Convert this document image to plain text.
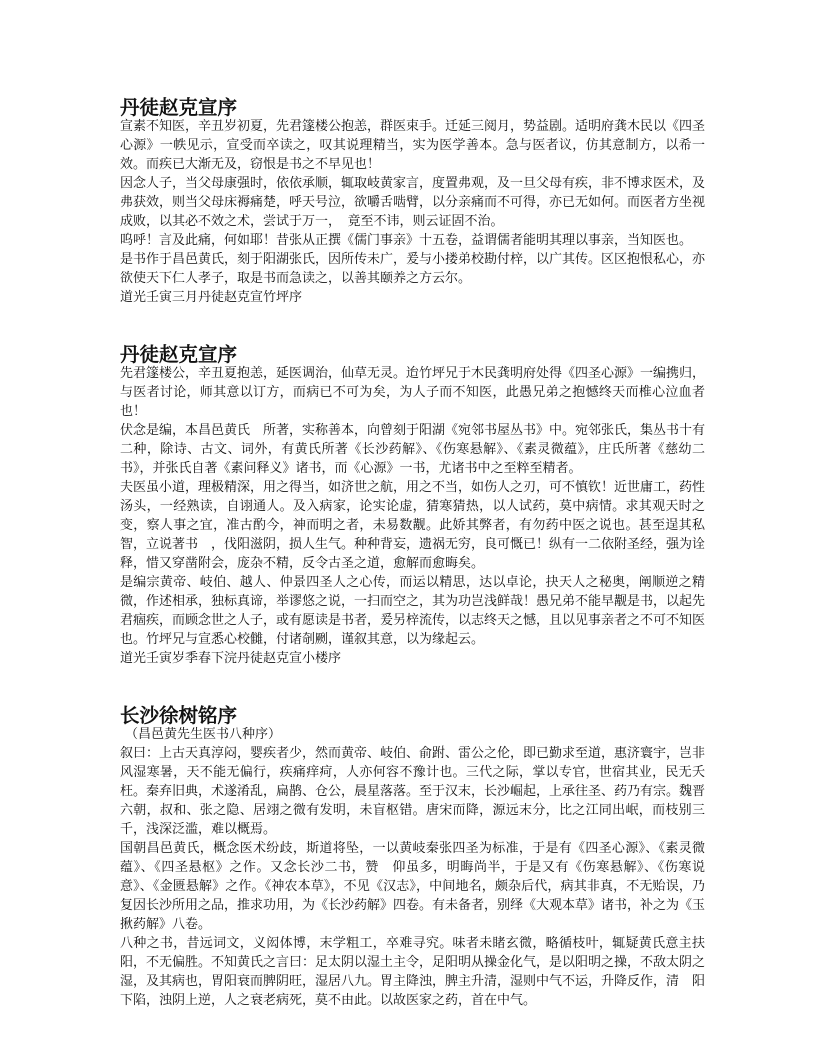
丹徒赵克宣序

宣素不知医，辛丑岁初夏，先君篴楼公抱恙，群医束手。迁延三阅月，势益剧。适明府龚木民以《四圣心源》一帙见示，宣受而卒读之，叹其说理精当，实为医学善本。急与医者议，仿其意制方，以希一效。而疾已大渐无及，窃恨是书之不早见也！

因念人子，当父母康强时，依依承顺，辄取岐黄家言，度置弗观，及一旦父母有疾，非不博求医术，及弗获效，则当父母床褥痛楚，呼天号泣，欲嚼舌啮臂，以分亲痛而不可得，亦已无如何。而医者方坐视成败，以其必不效之术，尝试于万一，　竟至不讳，则云证固不治。

呜呼！言及此痛，何如耶！昔张从正撰《儒门事亲》十五卷，益谓儒者能明其理以事亲，当知医也。

是书作于昌邑黄氏，刻于阳湖张氏，因所传未广，爰与小搂弟校勘付梓，以广其传。区区抱恨私心，亦欲使天下仁人孝子，取是书而急读之，以善其颐养之方云尔。

道光壬寅三月丹徒赵克宣竹坪序

丹徒赵克宣序

先君篴楼公，辛丑夏抱恙，延医调治，仙草无灵。迨竹坪兄于木民龚明府处得《四圣心源》一编携归，与医者讨论，师其意以订方，而病已不可为矣，为人子而不知医，此愚兄弟之抱憾终天而椎心泣血者也！

伏念是编，本昌邑黄氏　所著，实称善本，向曾刻于阳湖《宛邻书屋丛书》中。宛邻张氏，集丛书十有二种，除诗、古文、词外，有黄氏所著《长沙药解》、《伤寒悬解》、《素灵微蕴》，庄氏所著《慈幼二书》，并张氏自著《素问释义》诸书，而《心源》一书，尤诸书中之至粹至精者。

夫医虽小道，理极精深，用之得当，如济世之航，用之不当，如伤人之刃，可不慎钦！近世庸工，药性汤头，一经熟读，自诩通人。及入病家，论实论虚，猜寒猜热，以人试药，莫中病情。求其观天时之变，察人事之宜，准古酌今，神而明之者，未易数觏。此娇其弊者，有勿药中医之说也。甚至逞其私智，立说著书　，伐阳滋阴，损人生气。种种背妄，遗祸无穷，良可慨已！纵有一二依附圣经，强为诠释，惜又穿凿附会，庞杂不精，反令古圣之道，愈解而愈晦矣。

是编宗黄帝、岐伯、越人、仲景四圣人之心传，而运以精思，达以卓论，抉天人之秘奥，阐顺逆之精微，作述相承，独标真谛，举谬悠之说，一扫而空之，其为功岂浅鲜哉！愚兄弟不能早觏是书，以起先君痼疾，而顾念世之人子，或有愿读是书者，爰另梓流传，以志终天之憾，且以见事亲者之不可不知医也。竹坪兄与宣悉心校雠，付诸剞劂，谨叙其意，以为缘起云。

道光壬寅岁季春下浣丹徒赵克宣小楼序

长沙徐树铭序

（昌邑黄先生医书八种序）

叙曰：上古天真淳闷，婴疾者少，然而黄帝、岐伯、俞跗、雷公之伦，即已勤求至道，惠济寰宇，岂非风湿寒暑，天不能无偏行，疾痛痒疴，人亦何容不豫计也。三代之际，掌以专官，世宿其业，民无夭枉。秦弃旧典，术遂淆乱，扁鹊、仓公，晨星落落。至于汉末，长沙崛起，上承往圣、药乃有宗。魏晋六朝，叔和、张之隐、居翊之微有发明，未盲枢错。唐宋而降，源远末分，比之江同出岷，而枝别三千，浅深泛滥，难以概焉。

国朝昌邑黄氏，概念医术纷歧，斯道将坠，一以黄岐秦张四圣为标准，于是有《四圣心源》、《素灵微蕴》、《四圣悬枢》之作。又念长沙二书，赞　仰虽多，明晦尚半，于是又有《伤寒悬解》、《伤寒说意》、《金匮悬解》之作。《神农本草》，不见《汉志》，中间地名，颇杂后代，病其非真，不无贻误，乃复因长沙所用之品，推求功用，为《长沙药解》四卷。有未备者，别绎《大观本草》诸书，补之为《玉揪药解》八卷。

八种之书，昔远词文，义闳体博，末学粗工，卒难寻究。味者未睹玄微，略循枝叶，辄疑黄氏意主扶阳，不无偏胜。不知黄氏之言曰：足太阴以湿土主令，足阳明从操金化气，是以阳明之操，不敌太阴之湿，及其病也，胃阳衰而脾阴旺，湿居八九。胃主降浊，脾主升清，湿则中气不运，升降反作，清　阳下陷，浊阴上逆，人之衰老病死，莫不由此。以故医家之药，首在中气。
